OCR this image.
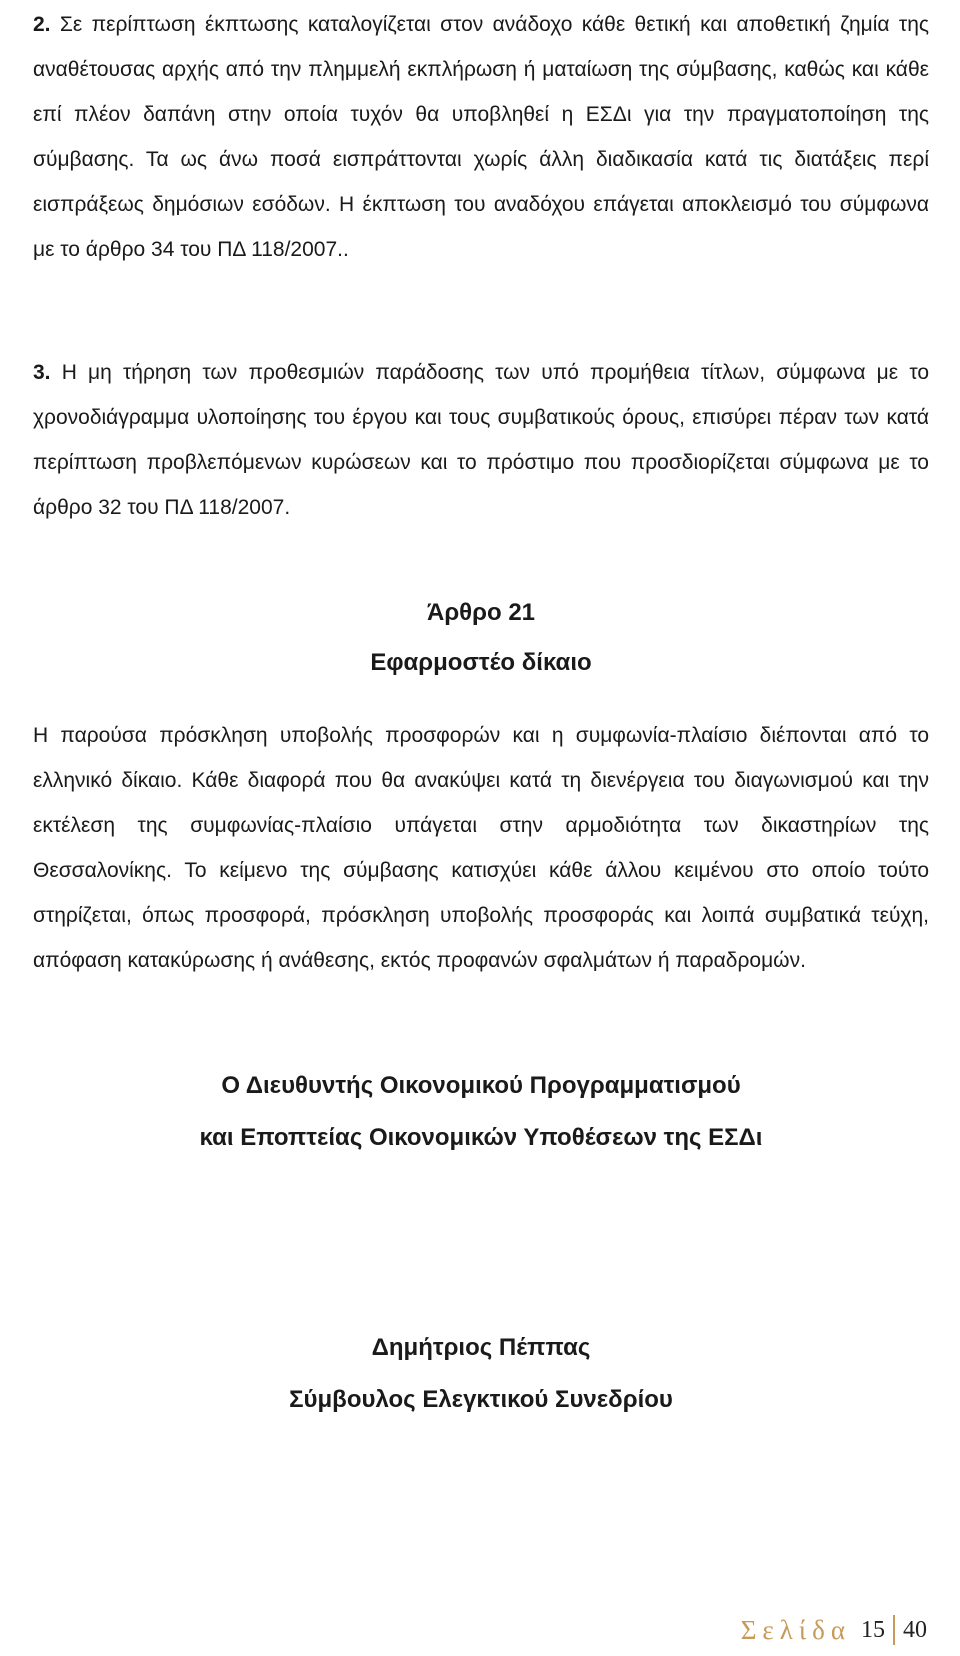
2. Σε περίπτωση έκπτωσης καταλογίζεται στον ανάδοχο κάθε θετική και αποθετική ζημία της αναθέτουσας αρχής από την πλημμελή εκπλήρωση ή ματαίωση της σύμβασης, καθώς και κάθε επί πλέον δαπάνη στην οποία τυχόν θα υποβληθεί η ΕΣΔι για την πραγματοποίηση της σύμβασης. Τα ως άνω ποσά εισπράττονται χωρίς άλλη διαδικασία κατά τις διατάξεις περί εισπράξεως δημόσιων εσόδων. Η έκπτωση του αναδόχου επάγεται αποκλεισμό του σύμφωνα με το άρθρο 34 του ΠΔ 118/2007..

3. Η μη τήρηση των προθεσμιών παράδοσης των υπό προμήθεια τίτλων, σύμφωνα με το χρονοδιάγραμμα υλοποίησης του έργου και τους συμβατικούς όρους, επισύρει πέραν των κατά περίπτωση προβλεπόμενων κυρώσεων και το πρόστιμο που προσδιορίζεται σύμφωνα με το άρθρο 32 του ΠΔ 118/2007.

Άρθρο 21
Εφαρμοστέο δίκαιο

Η παρούσα πρόσκληση υποβολής προσφορών και η συμφωνία-πλαίσιο διέπονται από το ελληνικό δίκαιο. Κάθε διαφορά που θα ανακύψει κατά τη διενέργεια του διαγωνισμού και την εκτέλεση της συμφωνίας-πλαίσιο υπάγεται στην αρμοδιότητα των δικαστηρίων της Θεσσαλονίκης. Το κείμενο της σύμβασης κατισχύει κάθε άλλου κειμένου στο οποίο τούτο στηρίζεται, όπως προσφορά, πρόσκληση υποβολής προσφοράς και λοιπά συμβατικά τεύχη, απόφαση κατακύρωσης ή ανάθεσης, εκτός προφανών σφαλμάτων ή παραδρομών.

Ο Διευθυντής Οικονομικού Προγραμματισμού

και Εποπτείας Οικονομικών Υποθέσεων της ΕΣΔι

Δημήτριος Πέππας

Σύμβουλος Ελεγκτικού Συνεδρίου

Σελίδα 15 40
